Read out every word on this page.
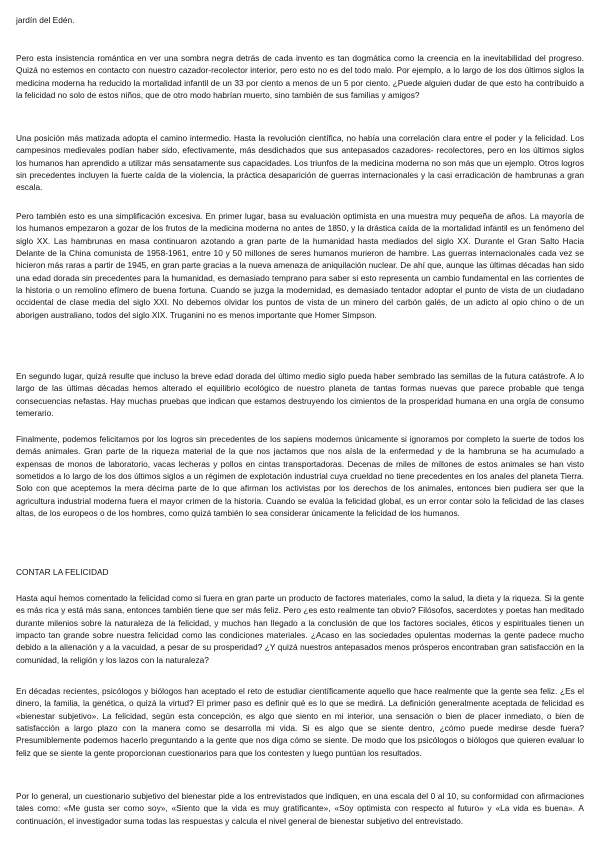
jardín del Edén.

Pero esta insistencia romántica en ver una sombra negra detrás de cada invento es tan dogmática como la creencia en la inevitabilidad del progreso. Quizá no estemos en contacto con nuestro cazador-recolector interior, pero esto no es del todo malo. Por ejemplo, a lo largo de los dos últimos siglos la medicina moderna ha reducido la mortalidad infantil de un 33 por ciento a menos de un 5 por ciento. ¿Puede alguien dudar de que esto ha contribuido a la felicidad no solo de estos niños, que de otro modo habrían muerto, sino también de sus familias y amigos?

Una posición más matizada adopta el camino intermedio. Hasta la revolución científica, no había una correlación clara entre el poder y la felicidad. Los campesinos medievales podían haber sido, efectivamente, más desdichados que sus antepasados cazadores- recolectores, pero en los últimos siglos los humanos han aprendido a utilizar más sensatamente sus capacidades. Los triunfos de la medicina moderna no son más que un ejemplo. Otros logros sin precedentes incluyen la fuerte caída de la violencia, la práctica desaparición de guerras internacionales y la casi erradicación de hambrunas a gran escala.

Pero también esto es una simplificación excesiva. En primer lugar, basa su evaluación optimista en una muestra muy pequeña de años. La mayoría de los humanos empezaron a gozar de los frutos de la medicina moderna no antes de 1850, y la drástica caída de la mortalidad infantil es un fenómeno del siglo XX. Las hambrunas en masa continuaron azotando a gran parte de la humanidad hasta mediados del siglo XX. Durante el Gran Salto Hacia Delante de la China comunista de 1958-1961, entre 10 y 50 millones de seres humanos murieron de hambre. Las guerras internacionales cada vez se hicieron más raras a partir de 1945, en gran parte gracias a la nueva amenaza de aniquilación nuclear. De ahí que, aunque las últimas décadas han sido una edad dorada sin precedentes para la humanidad, es demasiado temprano para saber si esto representa un cambio fundamental en las corrientes de la historia o un remolino efímero de buena fortuna. Cuando se juzga la modernidad, es demasiado tentador adoptar el punto de vista de un ciudadano occidental de clase media del siglo XXI. No debemos olvidar los puntos de vista de un minero del carbón galés, de un adicto al opio chino o de un aborigen australiano, todos del siglo XIX. Truganini no es menos importante que Homer Simpson.

En segundo lugar, quizá resulte que incluso la breve edad dorada del último medio siglo pueda haber sembrado las semillas de la futura catástrofe. A lo largo de las últimas décadas hemos alterado el equilibrio ecológico de nuestro planeta de tantas formas nuevas que parece probable que tenga consecuencias nefastas. Hay muchas pruebas que indican que estamos destruyendo los cimientos de la prosperidad humana en una orgía de consumo temerario.

Finalmente, podemos felicitarnos por los logros sin precedentes de los sapiens modernos únicamente si ignoramos por completo la suerte de todos los demás animales. Gran parte de la riqueza material de la que nos jactamos que nos aísla de la enfermedad y de la hambruna se ha acumulado a expensas de monos de laboratorio, vacas lecheras y pollos en cintas transportadoras. Decenas de miles de millones de estos animales se han visto sometidos a lo largo de los dos últimos siglos a un régimen de explotación industrial cuya crueldad no tiene precedentes en los anales del planeta Tierra. Solo con que aceptemos la mera décima parte de lo que afirman los activistas por los derechos de los animales, entonces bien pudiera ser que la agricultura industrial moderna fuera el mayor crimen de la historia. Cuando se evalúa la felicidad global, es un error contar solo la felicidad de las clases altas, de los europeos o de los hombres, como quizá también lo sea considerar únicamente la felicidad de los humanos.

CONTAR LA FELICIDAD

Hasta aquí hemos comentado la felicidad como si fuera en gran parte un producto de factores materiales, como la salud, la dieta y la riqueza. Si la gente es más rica y está más sana, entonces también tiene que ser más feliz. Pero ¿es esto realmente tan obvio? Filósofos, sacerdotes y poetas han meditado durante milenios sobre la naturaleza de la felicidad, y muchos han llegado a la conclusión de que los factores sociales, éticos y espirituales tienen un impacto tan grande sobre nuestra felicidad como las condiciones materiales. ¿Acaso en las sociedades opulentas modernas la gente padece mucho debido a la alienación y a la vacuidad, a pesar de su prosperidad? ¿Y quizá nuestros antepasados menos prósperos encontraban gran satisfacción en la comunidad, la religión y los lazos con la naturaleza?

En décadas recientes, psicólogos y biólogos han aceptado el reto de estudiar científicamente aquello que hace realmente que la gente sea feliz. ¿Es el dinero, la familia, la genética, o quizá la virtud? El primer paso es definir qué es lo que se medirá. La definición generalmente aceptada de felicidad es «bienestar subjetivo». La felicidad, según esta concepción, es algo que siento en mi interior, una sensación o bien de placer inmediato, o bien de satisfacción a largo plazo con la manera como se desarrolla mi vida. Si es algo que se siente dentro, ¿cómo puede medirse desde fuera? Presumiblemente podemos hacerlo preguntando a la gente que nos diga cómo se siente. De modo que los psicólogos o biólogos que quieren evaluar lo feliz que se siente la gente proporcionan cuestionarios para que los contesten y luego puntúan los resultados.

Por lo general, un cuestionario subjetivo del bienestar pide a los entrevistados que indiquen, en una escala del 0 al 10, su conformidad con afirmaciones tales como: «Me gusta ser como soy», «Siento que la vida es muy gratificante», «Soy optimista con respecto al futuro» y «La vida es buena». A continuación, el investigador suma todas las respuestas y calcula el nivel general de bienestar subjetivo del entrevistado.
